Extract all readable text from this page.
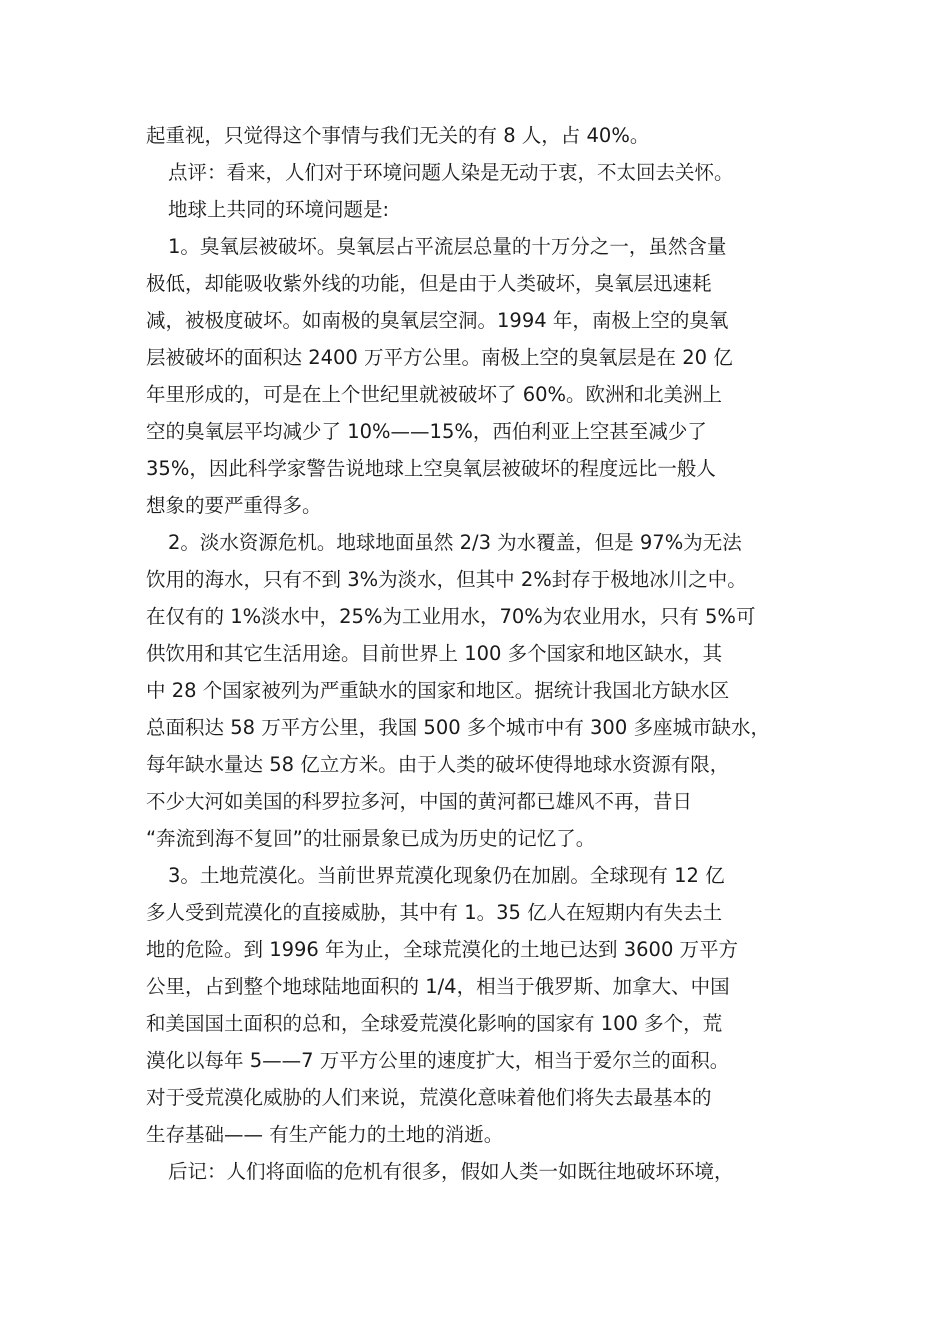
起重视，只觉得这个事情与我们无关的有 8 人，占 40%。
点评：看来，人们对于环境问题人染是无动于衷，不太回去关怀。
地球上共同的环境问题是:
1。臭氧层被破坏。臭氧层占平流层总量的十万分之一，虽然含量
极低，却能吸收紫外线的功能，但是由于人类破坏，臭氧层迅速耗
减，被极度破坏。如南极的臭氧层空洞。1994 年，南极上空的臭氧
层被破坏的面积达 2400 万平方公里。南极上空的臭氧层是在 20 亿
年里形成的，可是在上个世纪里就被破坏了 60%。欧洲和北美洲上
空的臭氧层平均减少了 10%——15%，西伯利亚上空甚至减少了
35%，因此科学家警告说地球上空臭氧层被破坏的程度远比一般人
想象的要严重得多。
2。淡水资源危机。地球地面虽然 2/3 为水覆盖，但是 97%为无法
饮用的海水，只有不到 3%为淡水，但其中 2%封存于极地冰川之中。
在仅有的 1%淡水中，25%为工业用水，70%为农业用水，只有 5%可
供饮用和其它生活用途。目前世界上 100 多个国家和地区缺水，其
中 28 个国家被列为严重缺水的国家和地区。据统计我国北方缺水区
总面积达 58 万平方公里，我国 500 多个城市中有 300 多座城市缺水，
每年缺水量达 58 亿立方米。由于人类的破坏使得地球水资源有限，
不少大河如美国的科罗拉多河，中国的黄河都已雄风不再，昔日
“奔流到海不复回”的壮丽景象已成为历史的记忆了。
3。土地荒漠化。当前世界荒漠化现象仍在加剧。全球现有 12 亿
多人受到荒漠化的直接威胁，其中有 1。35 亿人在短期内有失去土
地的危险。到 1996 年为止，全球荒漠化的土地已达到 3600 万平方
公里，占到整个地球陆地面积的 1/4，相当于俄罗斯、加拿大、中国
和美国国土面积的总和，全球爱荒漠化影响的国家有 100 多个，荒
漠化以每年 5——7 万平方公里的速度扩大，相当于爱尔兰的面积。
对于受荒漠化威胁的人们来说，荒漠化意味着他们将失去最基本的
生存基础—— 有生产能力的土地的消逝。
后记：人们将面临的危机有很多，假如人类一如既往地破坏环境，
